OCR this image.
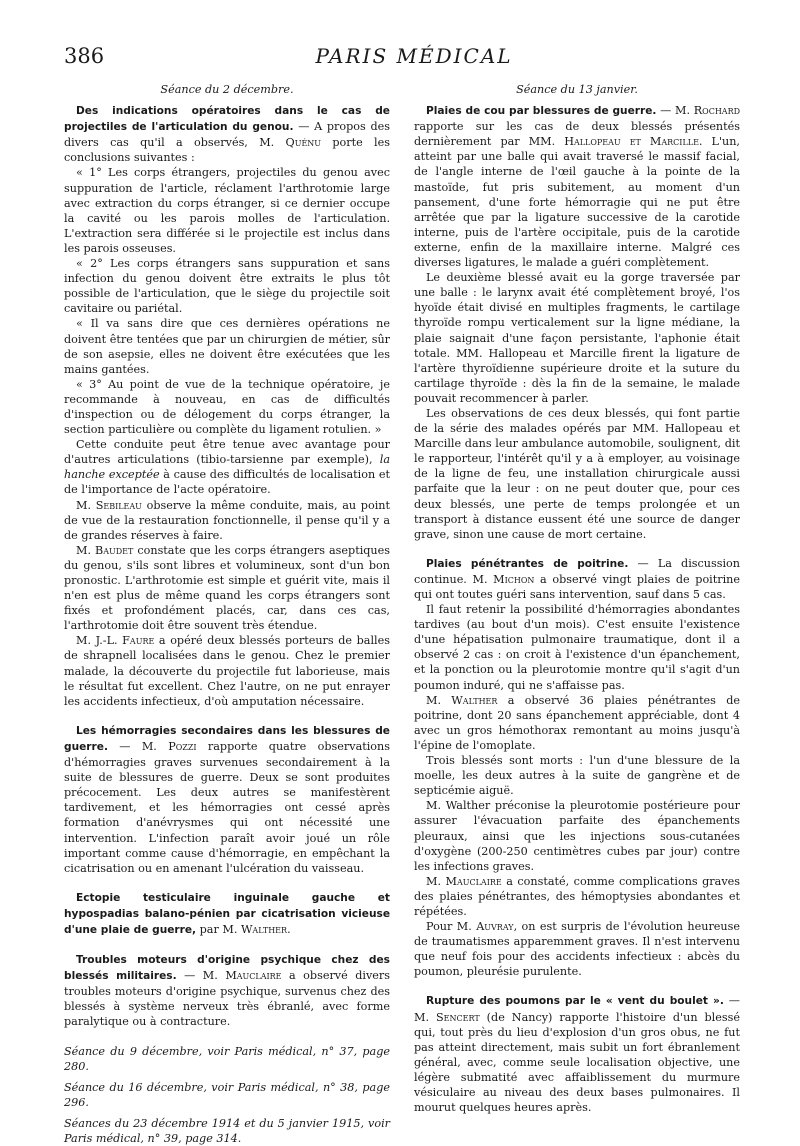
386	PARIS MÉDICAL
Séance du 2 décembre.

Des indications opératoires dans le cas de projectiles de l'articulation du genou. — A propos des divers cas qu'il a observés, M. Quénu porte les conclusions suivantes :

« 1° Les corps étrangers, projectiles du genou avec suppuration de l'article, réclament l'arthrotomie large avec extraction du corps étranger, si ce dernier occupe la cavité ou les parois molles de l'articulation. L'extraction sera différée si le projectile est inclus dans les parois osseuses.

« 2° Les corps étrangers sans suppuration et sans infection du genou doivent être extraits le plus tôt possible de l'articulation, que le siège du projectile soit cavitaire ou pariétal.

« Il va sans dire que ces dernières opérations ne doivent être tentées que par un chirurgien de métier, sûr de son asepsie, elles ne doivent être exécutées que les mains gantées.

« 3° Au point de vue de la technique opératoire, je recommande à nouveau, en cas de difficultés d'inspection ou de délogement du corps étranger, la section particulière ou complète du ligament rotulien. »

Cette conduite peut être tenue avec avantage pour d'autres articulations (tibio-tarsienne par exemple), la hanche exceptée à cause des difficultés de localisation et de l'importance de l'acte opératoire.

M. Sebileau observe la même conduite, mais, au point de vue de la restauration fonctionnelle, il pense qu'il y a de grandes réserves à faire.

M. Baudet constate que les corps étrangers aseptiques du genou, s'ils sont libres et volumineux, sont d'un bon pronostic. L'arthrotomie est simple et guérit vite, mais il n'en est plus de même quand les corps étrangers sont fixés et profondément placés, car, dans ces cas, l'arthrotomie doit être souvent très étendue.

M. J.-L. Faure a opéré deux blessés porteurs de balles de shrapnell localisées dans le genou. Chez le premier malade, la découverte du projectile fut laborieuse, mais le résultat fut excellent. Chez l'autre, on ne put enrayer les accidents infectieux, d'où amputation nécessaire.

Les hémorragies secondaires dans les blessures de guerre. — M. Pozzi rapporte quatre observations d'hémorragies graves survenues secondairement à la suite de blessures de guerre. Deux se sont produites précocement. Les deux autres se manifestèrent tardivement, et les hémorragies ont cessé après formation d'anévrysmes qui ont nécessité une intervention. L'infection paraît avoir joué un rôle important comme cause d'hémorragie, en empêchant la cicatrisation ou en amenant l'ulcération du vaisseau.

Ectopie testiculaire inguinale gauche et hypospadias balano-pénien par cicatrisation vicieuse d'une plaie de guerre, par M. Walther.

Troubles moteurs d'origine psychique chez des blessés militaires. — M. Mauclaire a observé divers troubles moteurs d'origine psychique, survenus chez des blessés à système nerveux très ébranlé, avec forme paralytique ou à contracture.

Séance du 9 décembre, voir Paris médical, n° 37, page 280.

Séance du 16 décembre, voir Paris médical, n° 38, page 296.

Séances du 23 décembre 1914 et du 5 janvier 1915, voir Paris médical, n° 39, page 314.

Séance du 13 janvier.

Plaies de cou par blessures de guerre. — M. Rochard rapporte sur les cas de deux blessés présentés dernièrement par MM. Hallopeau et Marcille. L'un, atteint par une balle qui avait traversé le massif facial, de l'angle interne de l'œil gauche à la pointe de la mastoïde, fut pris subitement, au moment d'un pansement, d'une forte hémorragie qui ne put être arrêtée que par la ligature successive de la carotide interne, puis de l'artère occipitale, puis de la carotide externe, enfin de la maxillaire interne. Malgré ces diverses ligatures, le malade a guéri complètement.

Le deuxième blessé avait eu la gorge traversée par une balle : le larynx avait été complètement broyé, l'os hyoïde était divisé en multiples fragments, le cartilage thyroïde rompu verticalement sur la ligne médiane, la plaie saignait d'une façon persistante, l'aphonie était totale. MM. Hallopeau et Marcille firent la ligature de l'artère thyroïdienne supérieure droite et la suture du cartilage thyroïde : dès la fin de la semaine, le malade pouvait recommencer à parler.

Les observations de ces deux blessés, qui font partie de la série des malades opérés par MM. Hallopeau et Marcille dans leur ambulance automobile, soulignent, dit le rapporteur, l'intérêt qu'il y a à employer, au voisinage de la ligne de feu, une installation chirurgicale aussi parfaite que la leur : on ne peut douter que, pour ces deux blessés, une perte de temps prolongée et un transport à distance eussent été une source de danger grave, sinon une cause de mort certaine.

Plaies pénétrantes de poitrine. — La discussion continue. M. Michon a observé vingt plaies de poitrine qui ont toutes guéri sans intervention, sauf dans 5 cas.

Il faut retenir la possibilité d'hémorragies abondantes tardives (au bout d'un mois). C'est ensuite l'existence d'une hépatisation pulmonaire traumatique, dont il a observé 2 cas : on croit à l'existence d'un épanchement, et la ponction ou la pleurotomie montre qu'il s'agit d'un poumon induré, qui ne s'affaisse pas.

M. Walther a observé 36 plaies pénétrantes de poitrine, dont 20 sans épanchement appréciable, dont 4 avec un gros hémothorax remontant au moins jusqu'à l'épine de l'omoplate.

Trois blessés sont morts : l'un d'une blessure de la moelle, les deux autres à la suite de gangrène et de septicémie aiguë.

M. Walther préconise la pleurotomie postérieure pour assurer l'évacuation parfaite des épanchements pleuraux, ainsi que les injections sous-cutanées d'oxygène (200-250 centimètres cubes par jour) contre les infections graves.

M. Mauclaire a constaté, comme complications graves des plaies pénétrantes, des hémoptysies abondantes et répétées.

Pour M. Auvray, on est surpris de l'évolution heureuse de traumatismes apparemment graves. Il n'est intervenu que neuf fois pour des accidents infectieux : abcès du poumon, pleurésie purulente.

Rupture des poumons par le « vent du boulet ». — M. Sencert (de Nancy) rapporte l'histoire d'un blessé qui, tout près du lieu d'explosion d'un gros obus, ne fut pas atteint directement, mais subit un fort ébranlement général, avec, comme seule localisation objective, une légère submatité avec affaiblissement du murmure vésiculaire au niveau des deux bases pulmonaires. Il mourut quelques heures après.
